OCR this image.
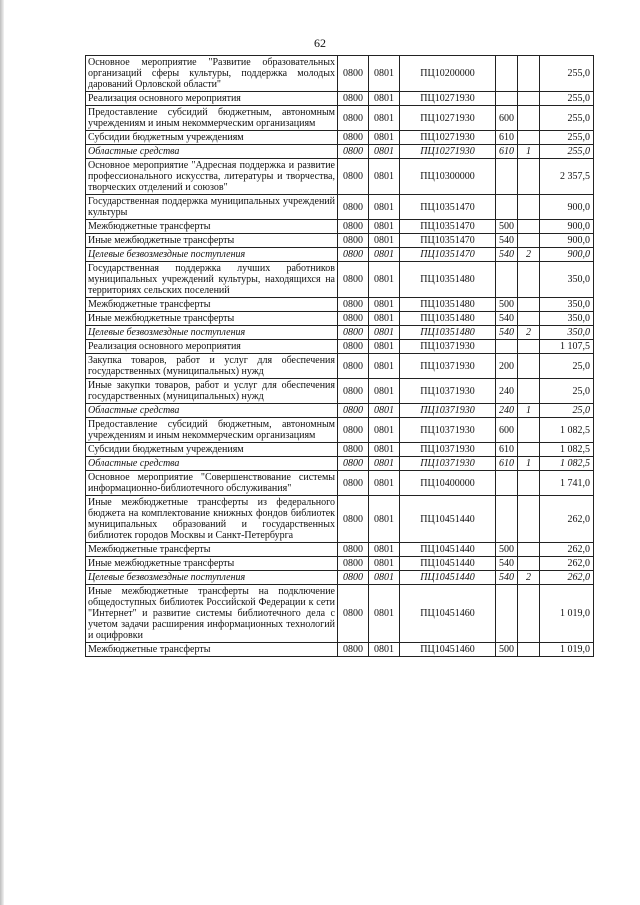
62
Основное мероприятие "Развитие образовательных организаций сферы культуры, поддержка молодых дарований Орловской области"	0800	0801	ПЦ10200000			255,0
Реализация основного мероприятия	0800	0801	ПЦ10271930			255,0
Предоставление субсидий бюджетным, автономным учреждениям и иным некоммерческим организациям	0800	0801	ПЦ10271930	600		255,0
Субсидии бюджетным учреждениям	0800	0801	ПЦ10271930	610		255,0
Областные средства	0800	0801	ПЦ10271930	610	1	255,0
Основное мероприятие "Адресная поддержка и развитие профессионального искусства, литературы и творчества, творческих отделений и союзов"	0800	0801	ПЦ10300000			2 357,5
Государственная поддержка муниципальных учреждений культуры	0800	0801	ПЦ10351470			900,0
Межбюджетные трансферты	0800	0801	ПЦ10351470	500		900,0
Иные межбюджетные трансферты	0800	0801	ПЦ10351470	540		900,0
Целевые безвозмездные поступления	0800	0801	ПЦ10351470	540	2	900,0
Государственная поддержка лучших работников муниципальных учреждений культуры, находящихся на территориях сельских поселений	0800	0801	ПЦ10351480			350,0
Межбюджетные трансферты	0800	0801	ПЦ10351480	500		350,0
Иные межбюджетные трансферты	0800	0801	ПЦ10351480	540		350,0
Целевые безвозмездные поступления	0800	0801	ПЦ10351480	540	2	350,0
Реализация основного мероприятия	0800	0801	ПЦ10371930			1 107,5
Закупка товаров, работ и услуг для обеспечения государственных (муниципальных) нужд	0800	0801	ПЦ10371930	200		25,0
Иные закупки товаров, работ и услуг для обеспечения государственных (муниципальных) нужд	0800	0801	ПЦ10371930	240		25,0
Областные средства	0800	0801	ПЦ10371930	240	1	25,0
Предоставление субсидий бюджетным, автономным учреждениям и иным некоммерческим организациям	0800	0801	ПЦ10371930	600		1 082,5
Субсидии бюджетным учреждениям	0800	0801	ПЦ10371930	610		1 082,5
Областные средства	0800	0801	ПЦ10371930	610	1	1 082,5
Основное мероприятие "Совершенствование системы информационно-библиотечного обслуживания"	0800	0801	ПЦ10400000			1 741,0
Иные межбюджетные трансферты из федерального бюджета на комплектование книжных фондов библиотек муниципальных образований и государственных библиотек городов Москвы и Санкт-Петербурга	0800	0801	ПЦ10451440			262,0
Межбюджетные трансферты	0800	0801	ПЦ10451440	500		262,0
Иные межбюджетные трансферты	0800	0801	ПЦ10451440	540		262,0
Целевые безвозмездные поступления	0800	0801	ПЦ10451440	540	2	262,0
Иные межбюджетные трансферты на подключение общедоступных библиотек Российской Федерации к сети "Интернет" и развитие системы библиотечного дела с учетом задачи расширения информационных технологий и оцифровки	0800	0801	ПЦ10451460			1 019,0
Межбюджетные трансферты	0800	0801	ПЦ10451460	500		1 019,0
